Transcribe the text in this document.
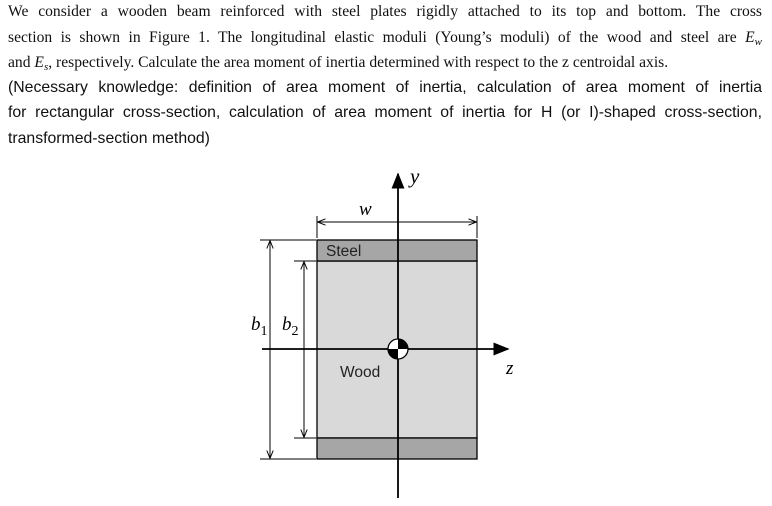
We consider a wooden beam reinforced with steel plates rigidly attached to its top and bottom. The cross
section is shown in Figure 1. The longitudinal elastic moduli (Young’s moduli) of the wood and steel are $E_w$
and $E_s$, respectively. Calculate the area moment of inertia determined with respect to the z centroidal axis.
(Necessary knowledge: definition of area moment of inertia, calculation of area moment of inertia
for rectangular cross-section, calculation of area moment of inertia for H (or I)-shaped cross-section,
transformed-section method)
y
z
w
$b_1$ $b_2$
Steel
Wood
